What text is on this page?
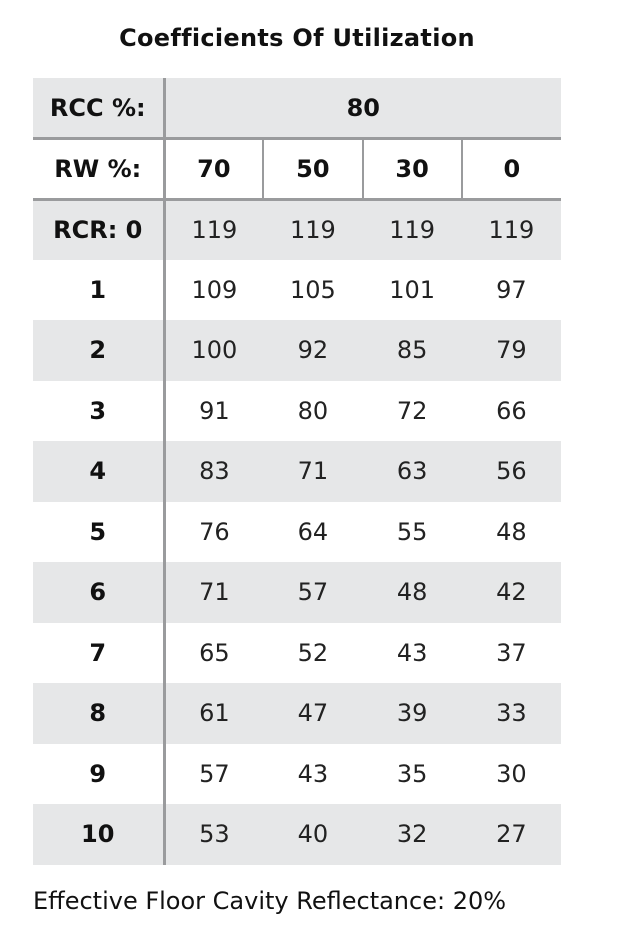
Coefficients Of Utilization
RCC %:	80			
RW %:	70	50	30	0
RCR: 0	119	119	119	119
1	109	105	101	97
2	100	92	85	79
3	91	80	72	66
4	83	71	63	56
5	76	64	55	48
6	71	57	48	42
7	65	52	43	37
8	61	47	39	33
9	57	43	35	30
10	53	40	32	27
Effective Floor Cavity Reflectance: 20%
